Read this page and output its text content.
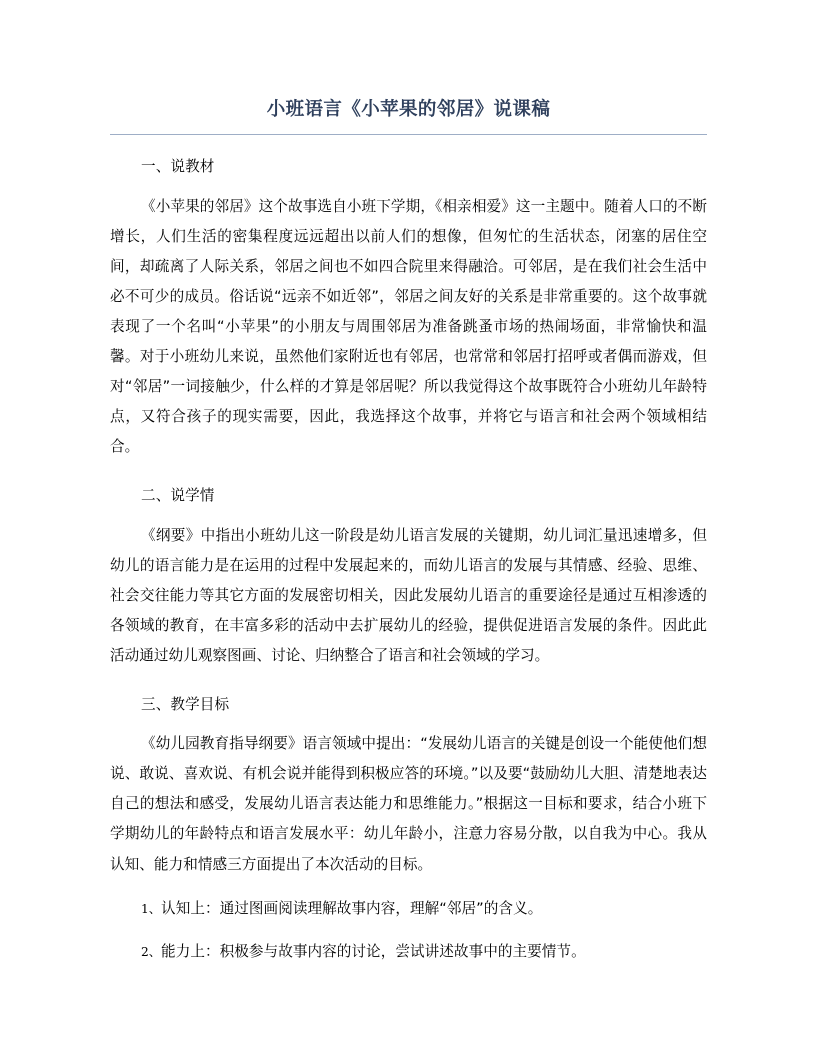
小班语言《小苹果的邻居》说课稿

一、说教材

《小苹果的邻居》这个故事选自小班下学期，《相亲相爱》这一主题中。随着人口的不断增长，人们生活的密集程度远远超出以前人们的想像，但匆忙的生活状态，闭塞的居住空间，却疏离了人际关系，邻居之间也不如四合院里来得融洽。可邻居，是在我们社会生活中必不可少的成员。俗话说“远亲不如近邻”，邻居之间友好的关系是非常重要的。这个故事就表现了一个名叫“小苹果”的小朋友与周围邻居为准备跳蚤市场的热闹场面，非常愉快和温馨。对于小班幼儿来说，虽然他们家附近也有邻居，也常常和邻居打招呼或者偶而游戏，但对“邻居”一词接触少，什么样的才算是邻居呢？所以我觉得这个故事既符合小班幼儿年龄特点，又符合孩子的现实需要，因此，我选择这个故事，并将它与语言和社会两个领域相结合。

二、说学情

《纲要》中指出小班幼儿这一阶段是幼儿语言发展的关键期，幼儿词汇量迅速增多，但幼儿的语言能力是在运用的过程中发展起来的，而幼儿语言的发展与其情感、经验、思维、社会交往能力等其它方面的发展密切相关，因此发展幼儿语言的重要途径是通过互相渗透的各领域的教育，在丰富多彩的活动中去扩展幼儿的经验，提供促进语言发展的条件。因此此活动通过幼儿观察图画、讨论、归纳整合了语言和社会领域的学习。

三、教学目标

《幼儿园教育指导纲要》语言领域中提出：“发展幼儿语言的关键是创设一个能使他们想说、敢说、喜欢说、有机会说并能得到积极应答的环境。”以及要“鼓励幼儿大胆、清楚地表达自己的想法和感受，发展幼儿语言表达能力和思维能力。”根据这一目标和要求，结合小班下学期幼儿的年龄特点和语言发展水平：幼儿年龄小，注意力容易分散，以自我为中心。我从认知、能力和情感三方面提出了本次活动的目标。

1、认知上：通过图画阅读理解故事内容，理解“邻居”的含义。

2、能力上：积极参与故事内容的讨论，尝试讲述故事中的主要情节。
